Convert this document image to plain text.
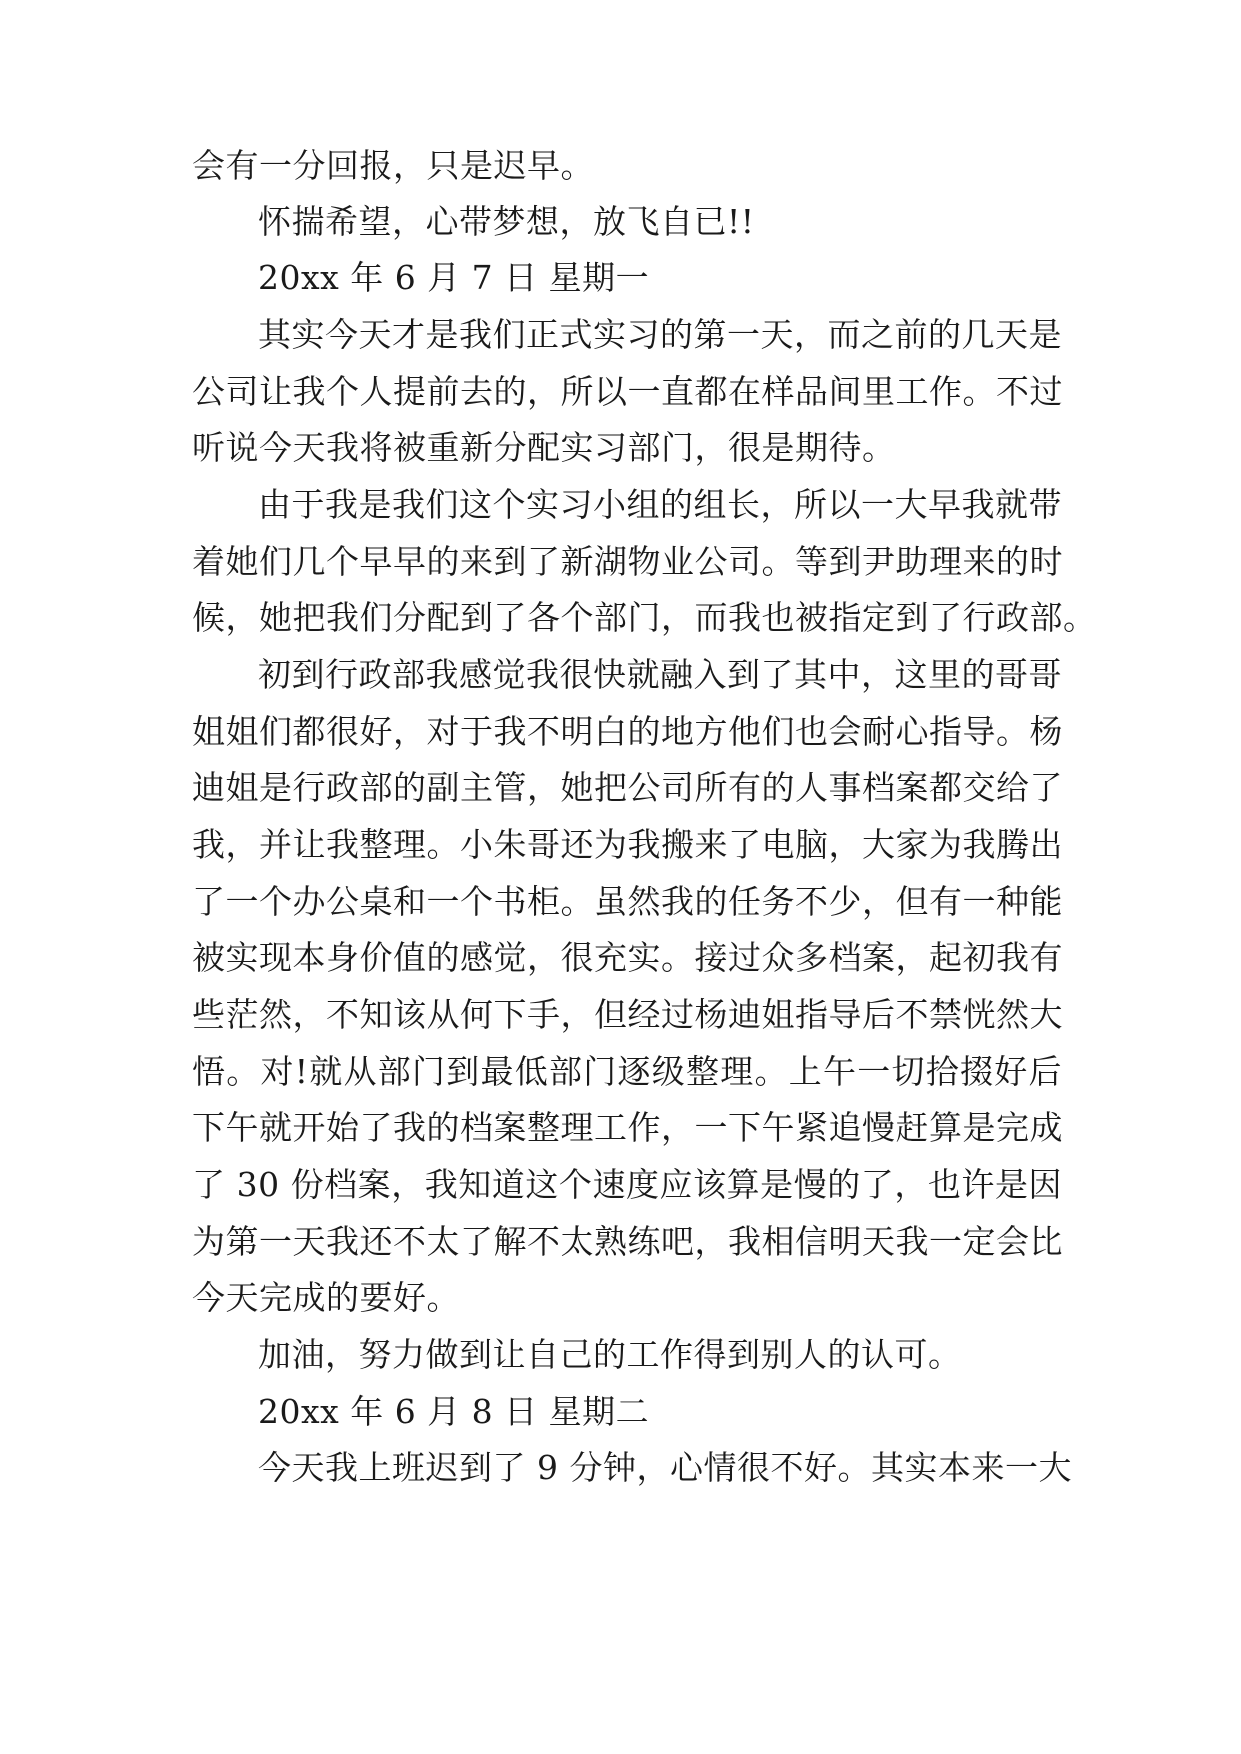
会有一分回报，只是迟早。
怀揣希望，心带梦想，放飞自已!!
20xx 年 6 月 7 日 星期一
其实今天才是我们正式实习的第一天，而之前的几天是
公司让我个人提前去的，所以一直都在样品间里工作。不过
听说今天我将被重新分配实习部门，很是期待。
由于我是我们这个实习小组的组长，所以一大早我就带
着她们几个早早的来到了新湖物业公司。等到尹助理来的时
候，她把我们分配到了各个部门，而我也被指定到了行政部。
初到行政部我感觉我很快就融入到了其中，这里的哥哥
姐姐们都很好，对于我不明白的地方他们也会耐心指导。杨
迪姐是行政部的副主管，她把公司所有的人事档案都交给了
我，并让我整理。小朱哥还为我搬来了电脑，大家为我腾出
了一个办公桌和一个书柜。虽然我的任务不少，但有一种能
被实现本身价值的感觉，很充实。接过众多档案，起初我有
些茫然，不知该从何下手，但经过杨迪姐指导后不禁恍然大
悟。对!就从部门到最低部门逐级整理。上午一切拾掇好后
下午就开始了我的档案整理工作，一下午紧追慢赶算是完成
了 30 份档案，我知道这个速度应该算是慢的了，也许是因
为第一天我还不太了解不太熟练吧，我相信明天我一定会比
今天完成的要好。
加油，努力做到让自己的工作得到别人的认可。
20xx 年 6 月 8 日 星期二
今天我上班迟到了 9 分钟，心情很不好。其实本来一大
